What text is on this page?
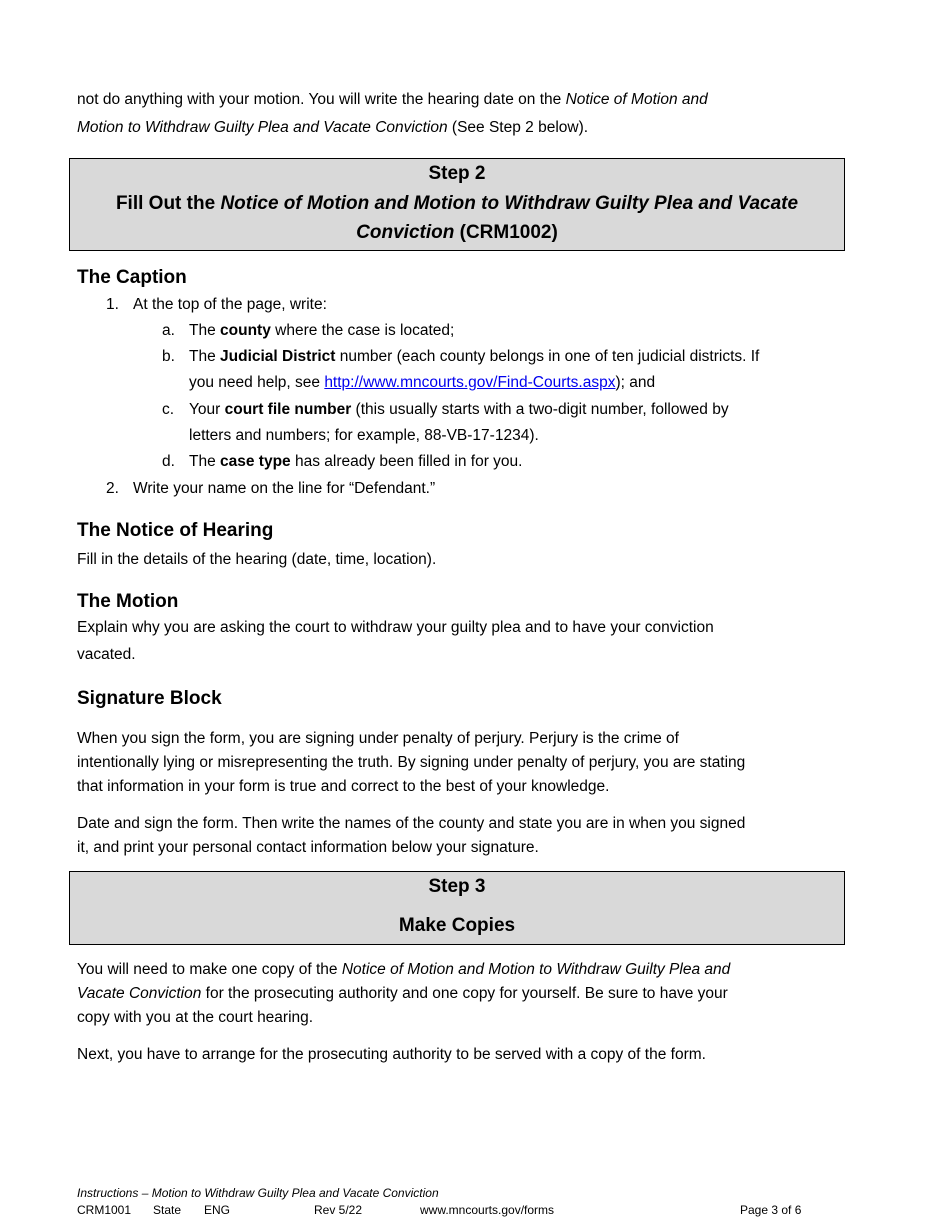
not do anything with your motion. You will write the hearing date on the Notice of Motion and
Motion to Withdraw Guilty Plea and Vacate Conviction (See Step 2 below).
Step 2
Fill Out the Notice of Motion and Motion to Withdraw Guilty Plea and Vacate
Conviction (CRM1002)
The Caption
1. At the top of the page, write:
a. The county where the case is located;
b. The Judicial District number (each county belongs in one of ten judicial districts. If
you need help, see http://www.mncourts.gov/Find-Courts.aspx); and
c. Your court file number (this usually starts with a two-digit number, followed by
letters and numbers; for example, 88-VB-17-1234).
d. The case type has already been filled in for you.
2. Write your name on the line for “Defendant.”
The Notice of Hearing
Fill in the details of the hearing (date, time, location).
The Motion
Explain why you are asking the court to withdraw your guilty plea and to have your conviction
vacated.
Signature Block
When you sign the form, you are signing under penalty of perjury. Perjury is the crime of
intentionally lying or misrepresenting the truth. By signing under penalty of perjury, you are stating
that information in your form is true and correct to the best of your knowledge.
Date and sign the form. Then write the names of the county and state you are in when you signed
it, and print your personal contact information below your signature.
Step 3
Make Copies
You will need to make one copy of the Notice of Motion and Motion to Withdraw Guilty Plea and
Vacate Conviction for the prosecuting authority and one copy for yourself. Be sure to have your
copy with you at the court hearing.
Next, you have to arrange for the prosecuting authority to be served with a copy of the form.
Instructions – Motion to Withdraw Guilty Plea and Vacate Conviction
CRM1001 State ENG	Rev 5/22	www.mncourts.gov/forms	Page 3 of 6
